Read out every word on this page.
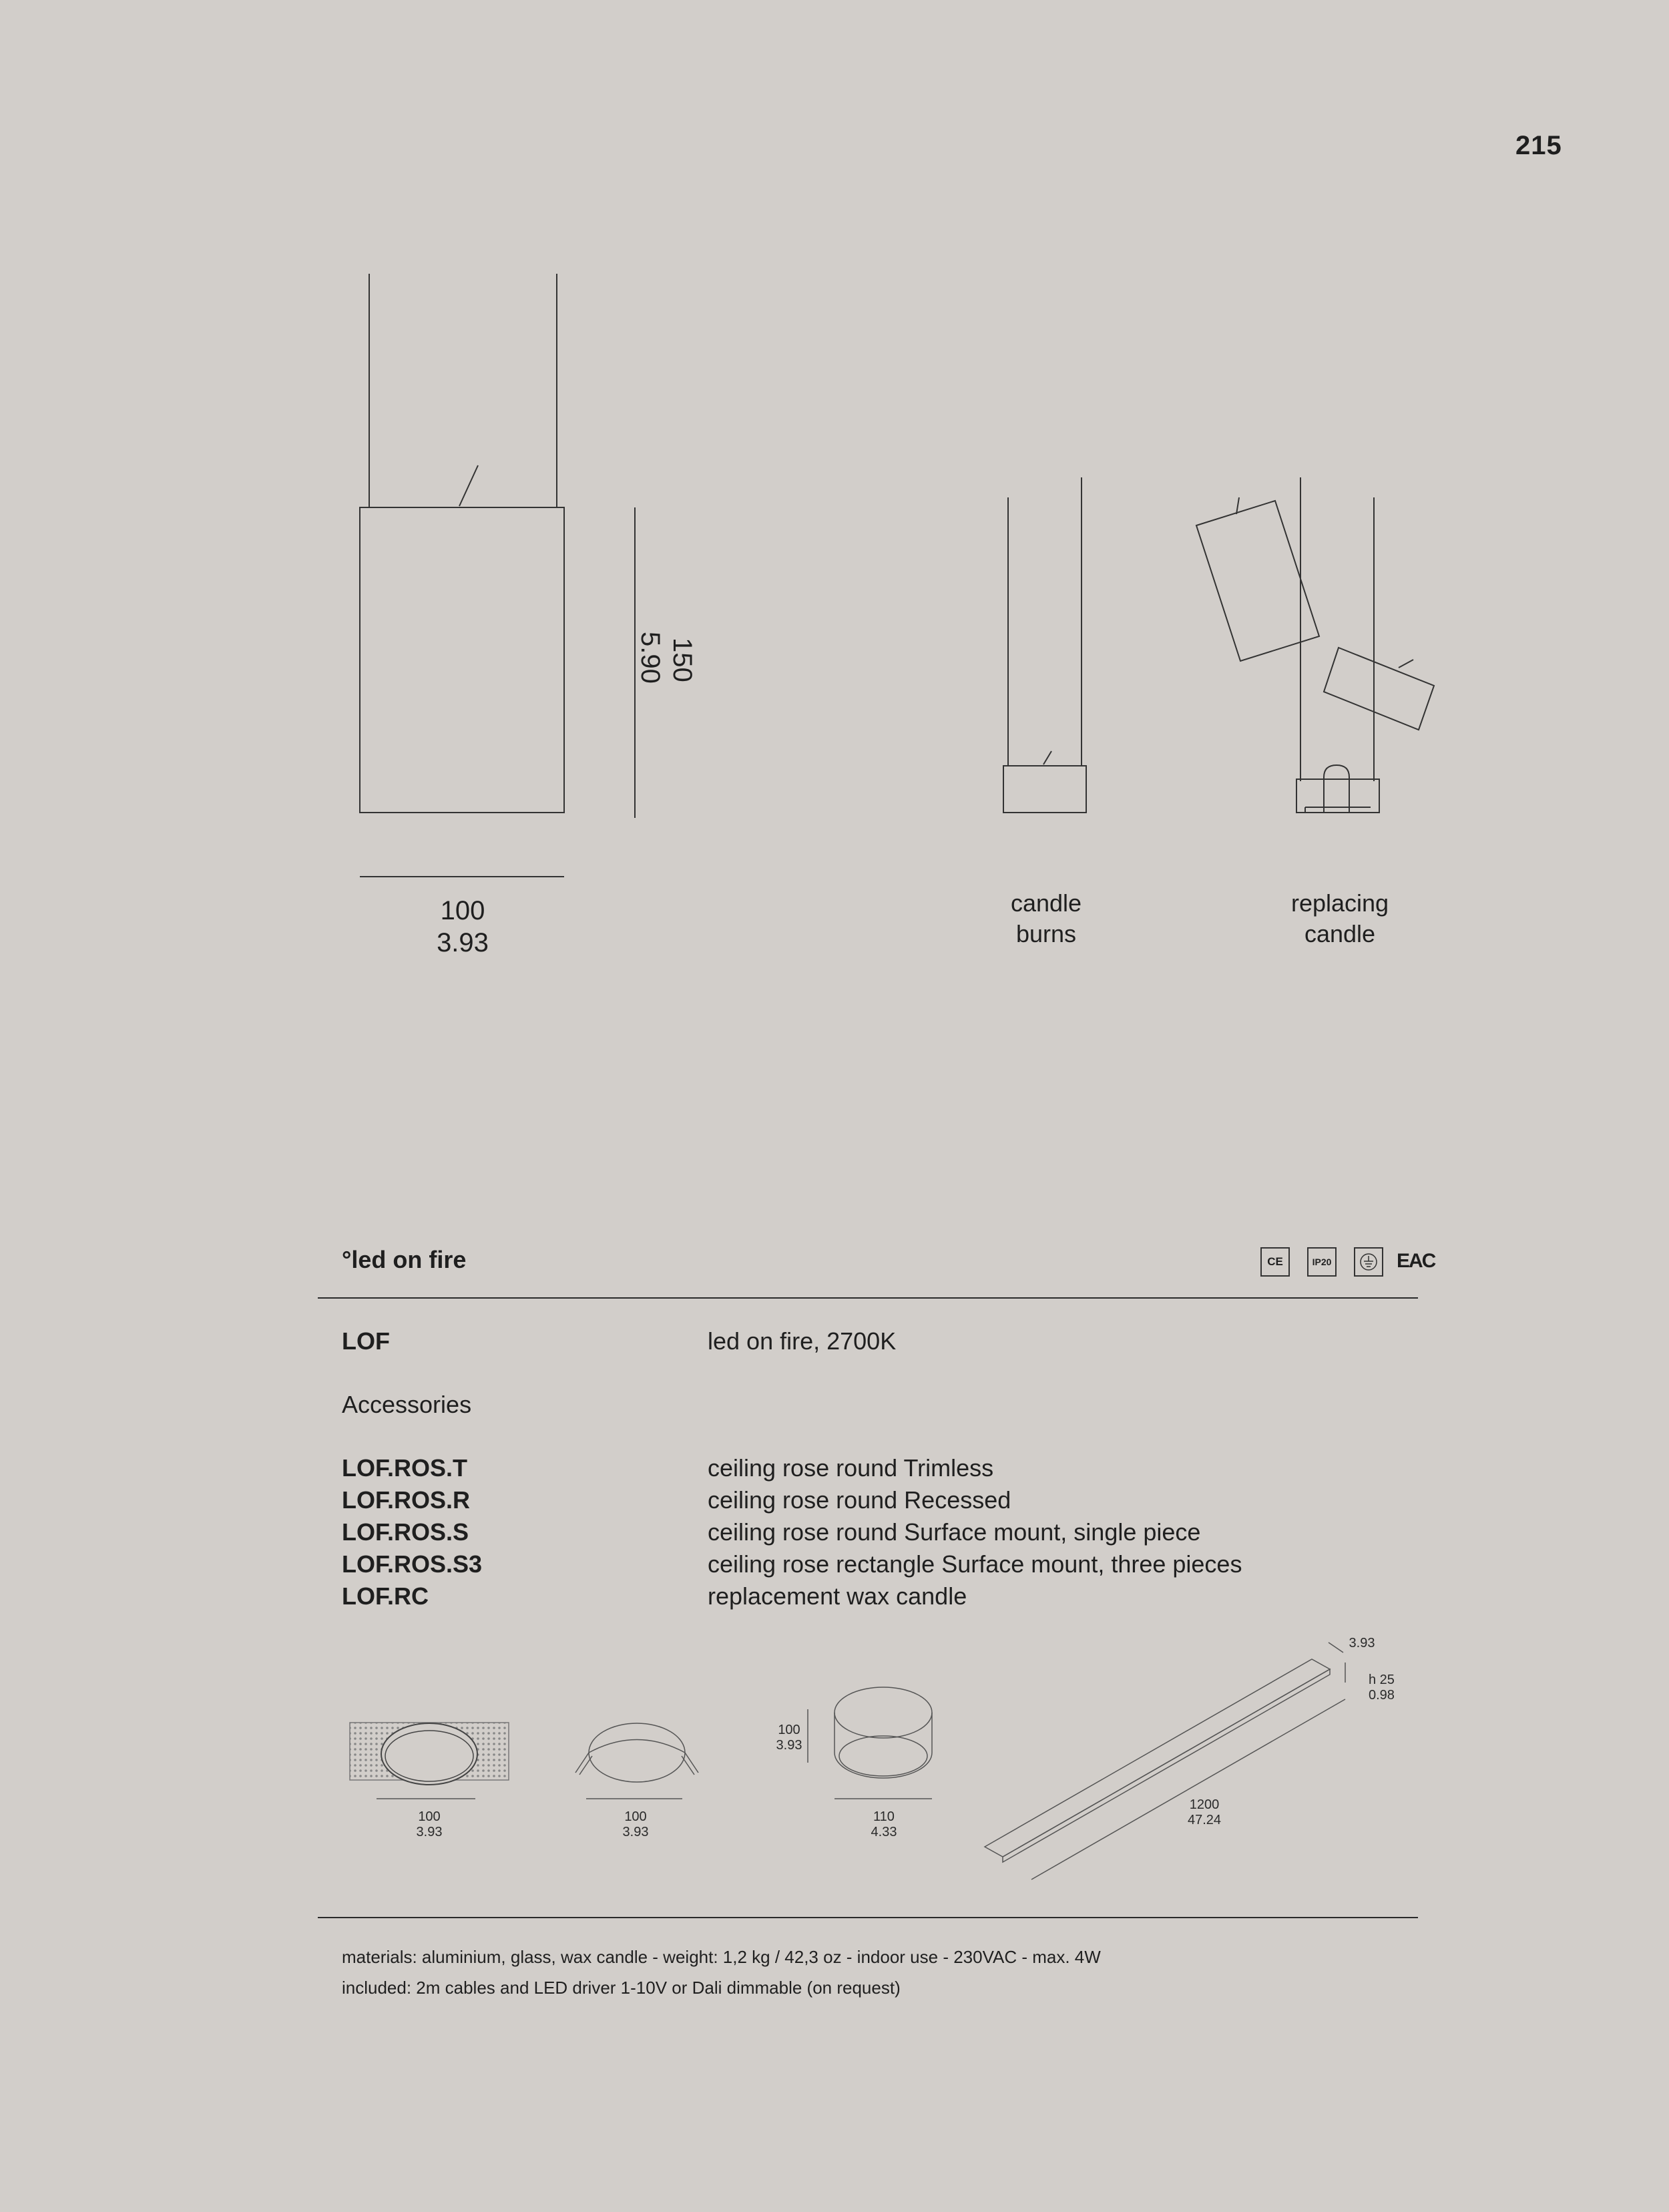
215
100
3.93
150
5.90
candle
burns
replacing
candle
°led on fire	CE	IP20	EAC
LOF	led on fire, 2700K
Accessories
LOF.ROS.T	ceiling rose round Trimless
LOF.ROS.R	ceiling rose round Recessed
LOF.ROS.S	ceiling rose round Surface mount, single piece
LOF.ROS.S3	ceiling rose rectangle Surface mount, three pieces
LOF.RC	replacement wax candle
100
3.93
100
3.93
100
3.93
110
4.33
3.93
h 25
0.98
1200
47.24
materials: aluminium, glass, wax candle - weight: 1,2 kg / 42,3 oz - indoor use - 230VAC - max. 4W
included: 2m cables and LED driver 1-10V or Dali dimmable (on request)
